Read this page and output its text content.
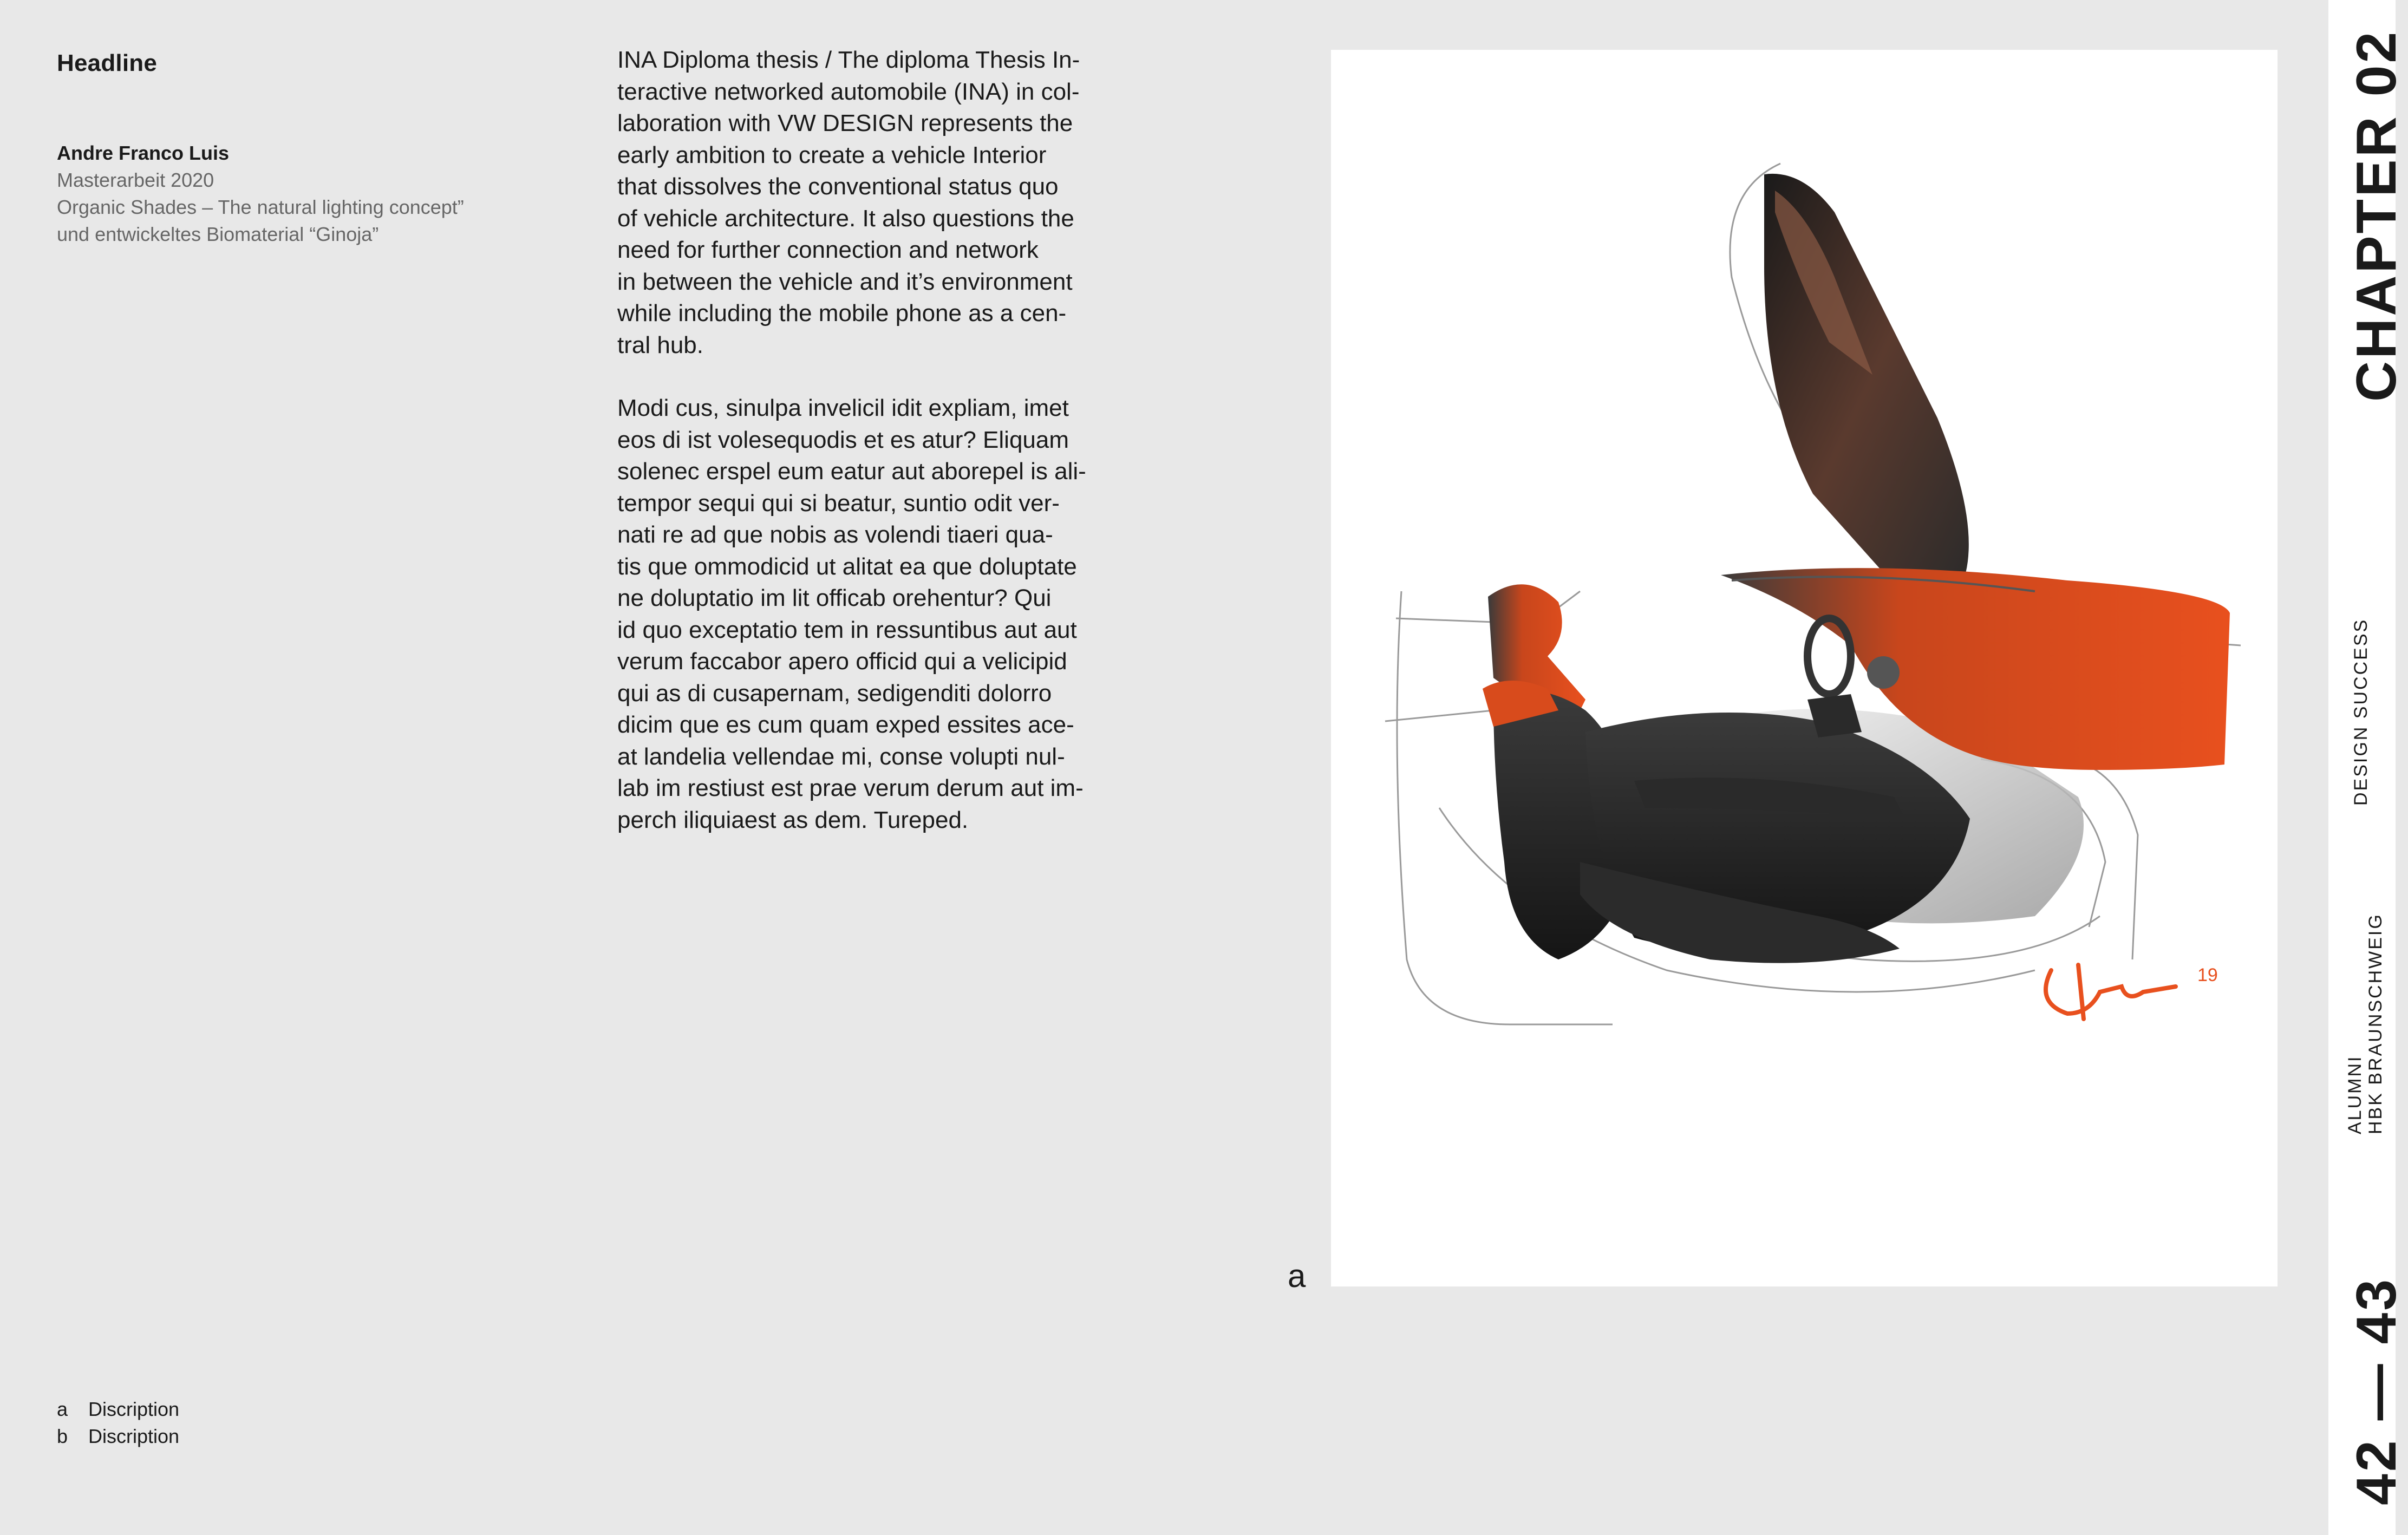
Headline
Andre Franco Luis
Masterarbeit 2020
Organic Shades – The natural lighting concept”
und entwickeltes Biomaterial “Ginoja”

INA Diploma thesis / The diploma Thesis In-
teractive networked automobile (INA) in col-
laboration with VW DESIGN represents the
early ambition to create a vehicle Interior
that dissolves the conventional status quo
of vehicle architecture. It also questions the
need for further connection and network
in between the vehicle and it’s environment
while including the mobile phone as a cen-
tral hub.

Modi cus, sinulpa invelicil idit expliam, imet
eos di ist volesequodis et es atur? Eliquam
solenec erspel eum eatur aut aborepel is ali-
tempor sequi qui si beatur, suntio odit ver-
nati re ad que nobis as volendi tiaeri qua-
tis que ommodicid ut alitat ea que doluptate
ne doluptatio im lit officab orehentur? Qui
id quo exceptatio tem in ressuntibus aut aut
verum faccabor apero officid qui a velicipid
qui as di cusapernam, sedigenditi dolorro
dicim que es cum quam exped essites ace-
at landelia vellendae mi, conse volupti nul-
lab im restiust est prae verum derum aut im-
perch iliquiaest as dem. Tureped.

a
19
a	Discription
b	Discription
CHAPTER 02
DESIGN SUCCESS
ALUMNI HBK BRAUNSCHWEIG
42 — 43
